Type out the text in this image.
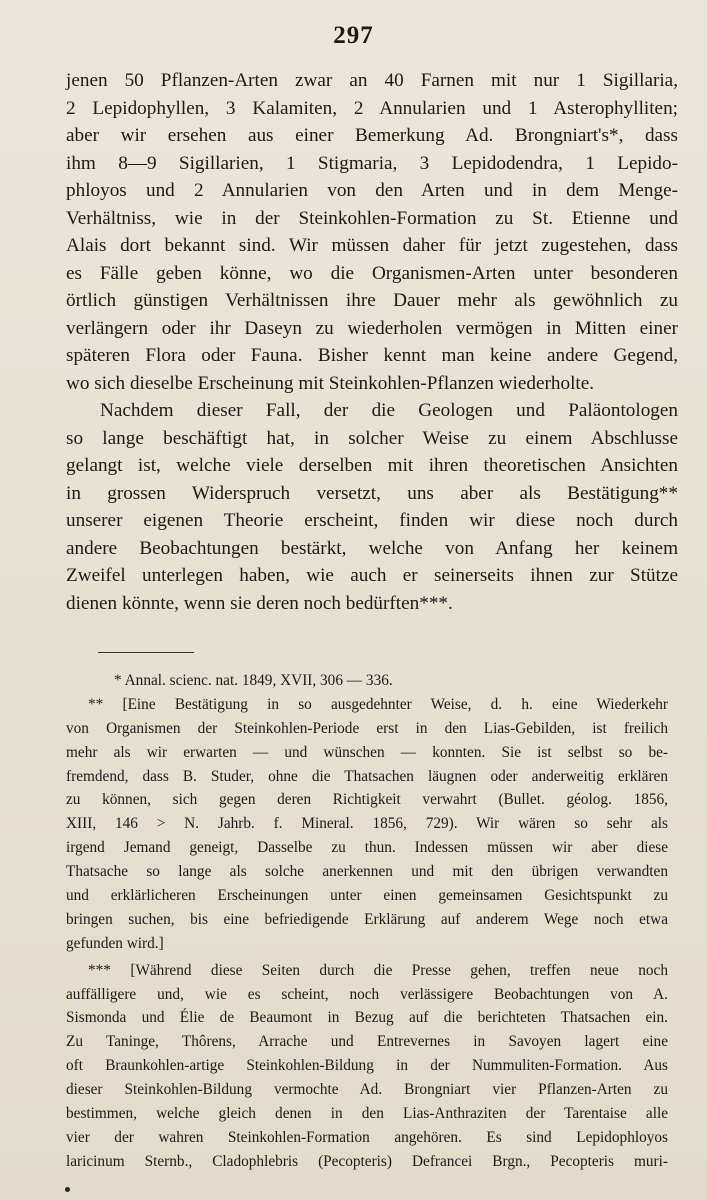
297
jenen 50 Pflanzen-Arten zwar an 40 Farnen mit nur 1 Sigillaria,
2 Lepidophyllen, 3 Kalamiten, 2 Annularien und 1 Asterophylliten;
aber wir ersehen aus einer Bemerkung Ad. Brongniart's*, dass
ihm 8—9 Sigillarien, 1 Stigmaria, 3 Lepidodendra, 1 Lepido-
phloyos und 2 Annularien von den Arten und in dem Menge-
Verhältniss, wie in der Steinkohlen-Formation zu St. Etienne und
Alais dort bekannt sind. Wir müssen daher für jetzt zugestehen, dass
es Fälle geben könne, wo die Organismen-Arten unter besonderen
örtlich günstigen Verhältnissen ihre Dauer mehr als gewöhnlich zu
verlängern oder ihr Daseyn zu wiederholen vermögen in Mitten einer
späteren Flora oder Fauna. Bisher kennt man keine andere Gegend,
wo sich dieselbe Erscheinung mit Steinkohlen-Pflanzen wiederholte.
Nachdem dieser Fall, der die Geologen und Paläontologen
so lange beschäftigt hat, in solcher Weise zu einem Abschlusse
gelangt ist, welche viele derselben mit ihren theoretischen Ansichten
in grossen Widerspruch versetzt, uns aber als Bestätigung**
unserer eigenen Theorie erscheint, finden wir diese noch durch
andere Beobachtungen bestärkt, welche von Anfang her keinem
Zweifel unterlegen haben, wie auch er seinerseits ihnen zur Stütze
dienen könnte, wenn sie deren noch bedürften***.
* Annal. scienc. nat. 1849, XVII, 306 — 336.
** [Eine Bestätigung in so ausgedehnter Weise, d. h. eine Wiederkehr
von Organismen der Steinkohlen-Periode erst in den Lias-Gebilden, ist freilich
mehr als wir erwarten — und wünschen — konnten. Sie ist selbst so be-
fremdend, dass B. Studer, ohne die Thatsachen läugnen oder anderweitig erklären
zu können, sich gegen deren Richtigkeit verwahrt (Bullet. géolog. 1856,
XIII, 146 > N. Jahrb. f. Mineral. 1856, 729). Wir wären so sehr als
irgend Jemand geneigt, Dasselbe zu thun. Indessen müssen wir aber diese
Thatsache so lange als solche anerkennen und mit den übrigen verwandten
und erklärlicheren Erscheinungen unter einen gemeinsamen Gesichtspunkt zu
bringen suchen, bis eine befriedigende Erklärung auf anderem Wege noch etwa
gefunden wird.]
*** [Während diese Seiten durch die Presse gehen, treffen neue noch
auffälligere und, wie es scheint, noch verlässigere Beobachtungen von A.
Sismonda und Élie de Beaumont in Bezug auf die berichteten Thatsachen ein.
Zu Taninge, Thôrens, Arrache und Entrevernes in Savoyen lagert eine
oft Braunkohlen-artige Steinkohlen-Bildung in der Nummuliten-Formation. Aus
dieser Steinkohlen-Bildung vermochte Ad. Brongniart vier Pflanzen-Arten zu
bestimmen, welche gleich denen in den Lias-Anthraziten der Tarentaise alle
vier der wahren Steinkohlen-Formation angehören. Es sind Lepidophloyos
laricinum Sternb., Cladophlebris (Pecopteris) Defrancei Brgn., Pecopteris muri-
